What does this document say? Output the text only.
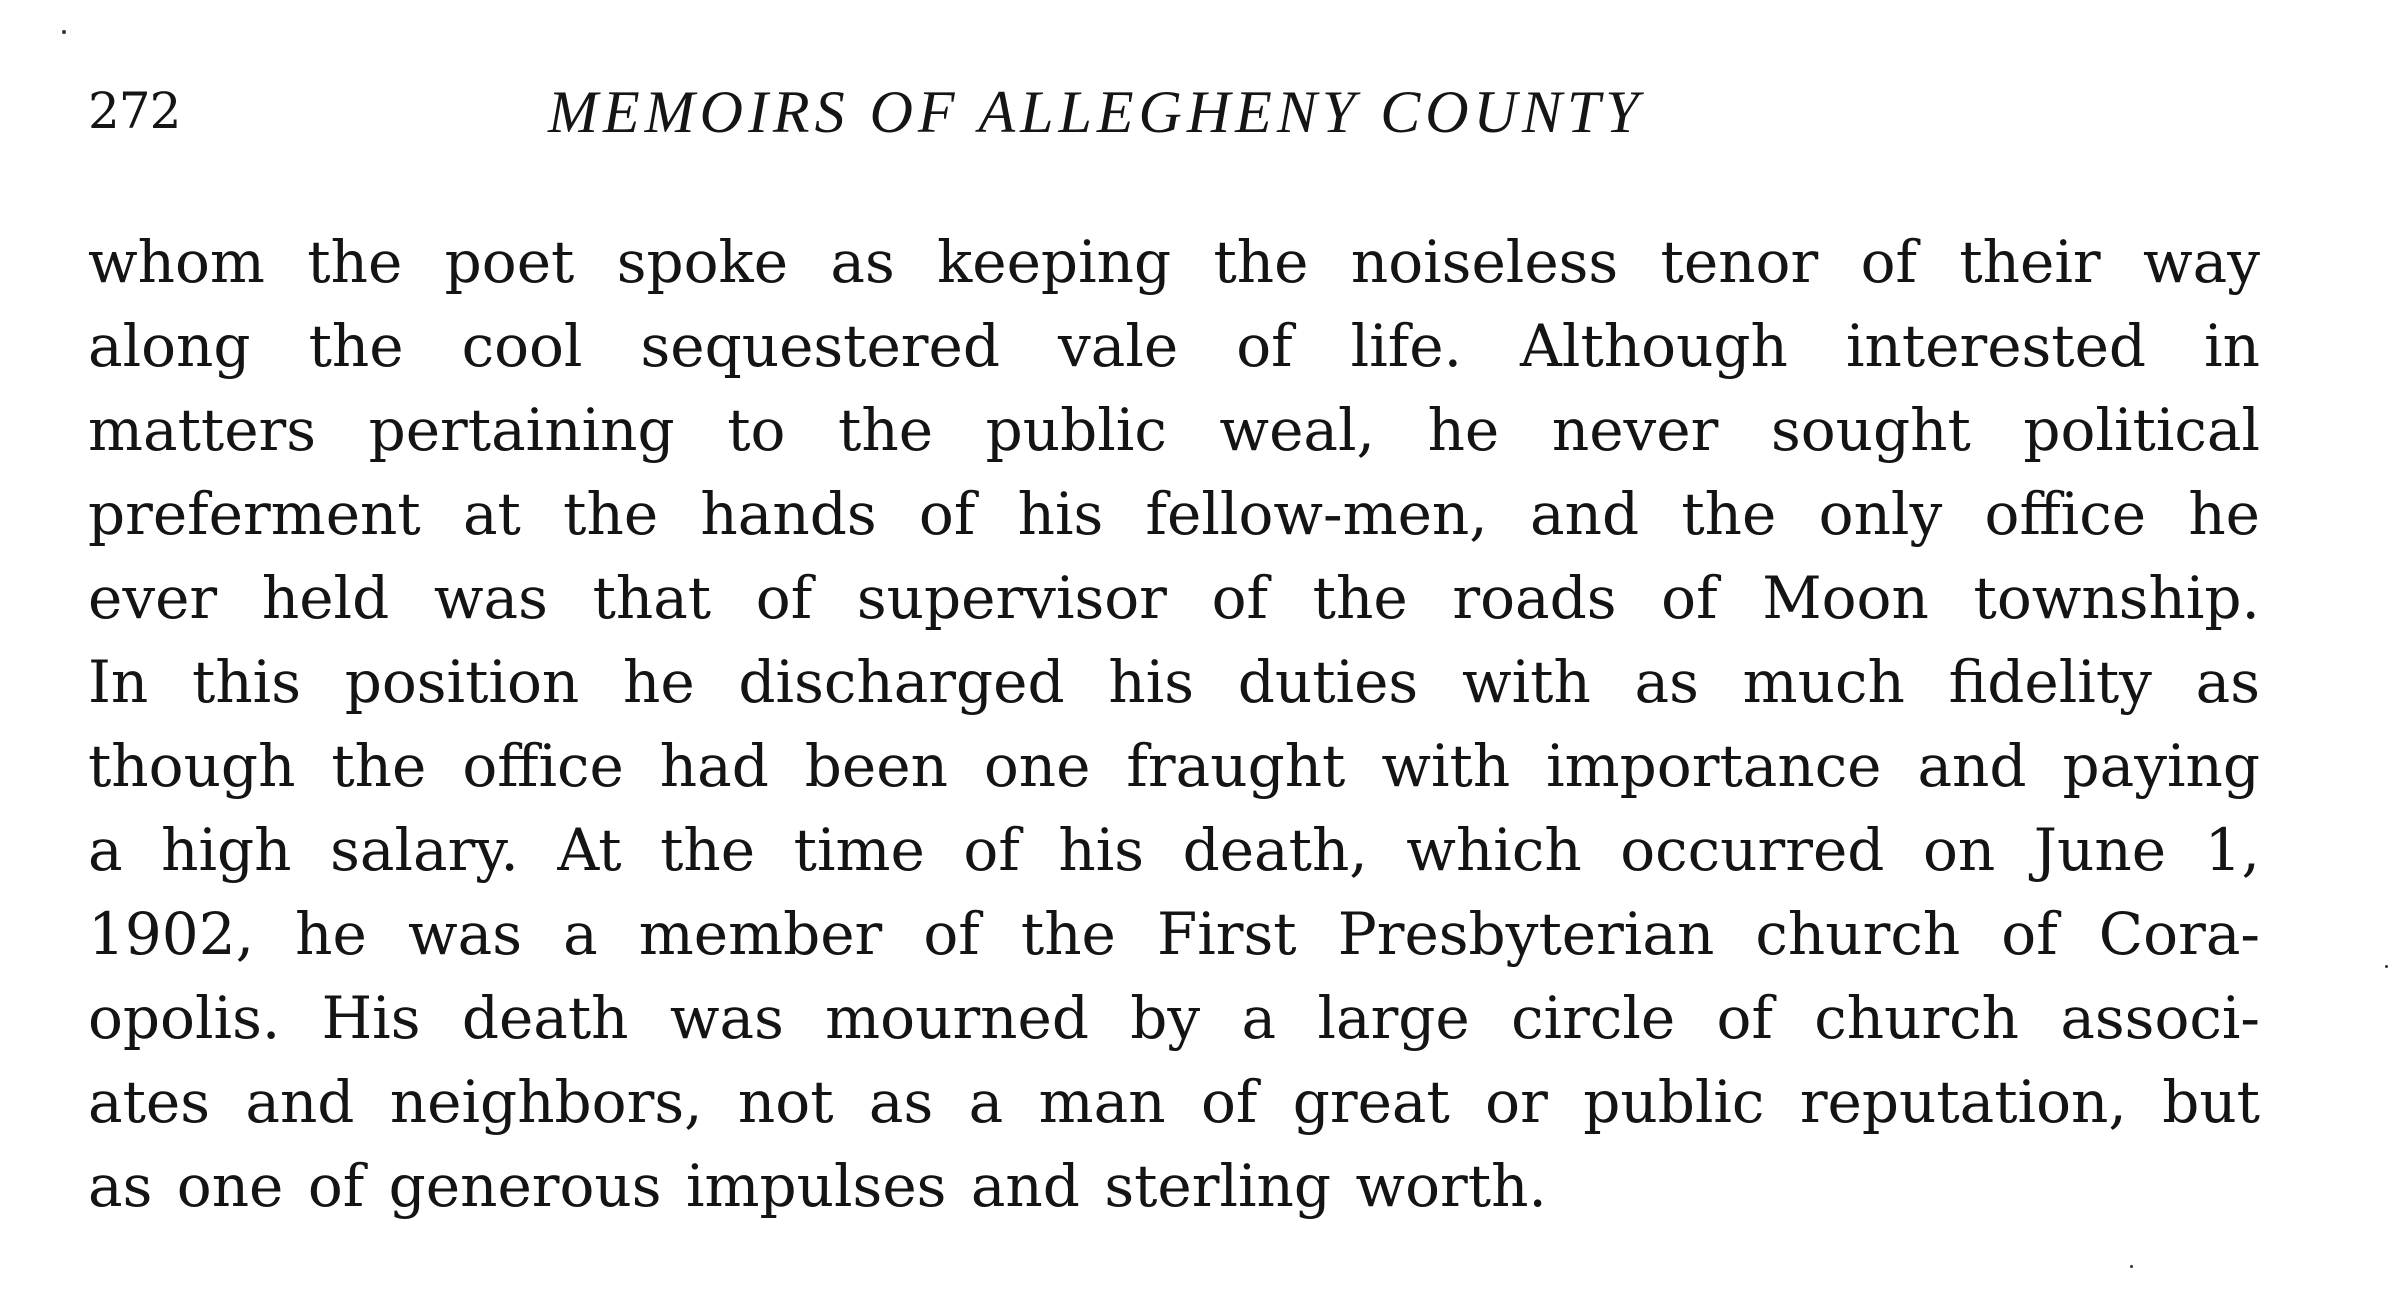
272	MEMOIRS OF ALLEGHENY COUNTY
whom the poet spoke as keeping the noiseless tenor of their way
along the cool sequestered vale of life. Although interested in
matters pertaining to the public weal, he never sought political
preferment at the hands of his fellow-men, and the only office he
ever held was that of supervisor of the roads of Moon township.
In this position he discharged his duties with as much fidelity as
though the office had been one fraught with importance and paying
a high salary. At the time of his death, which occurred on June 1,
1902, he was a member of the First Presbyterian church of Cora-
opolis. His death was mourned by a large circle of church associ-
ates and neighbors, not as a man of great or public reputation, but
as one of generous impulses and sterling worth.
